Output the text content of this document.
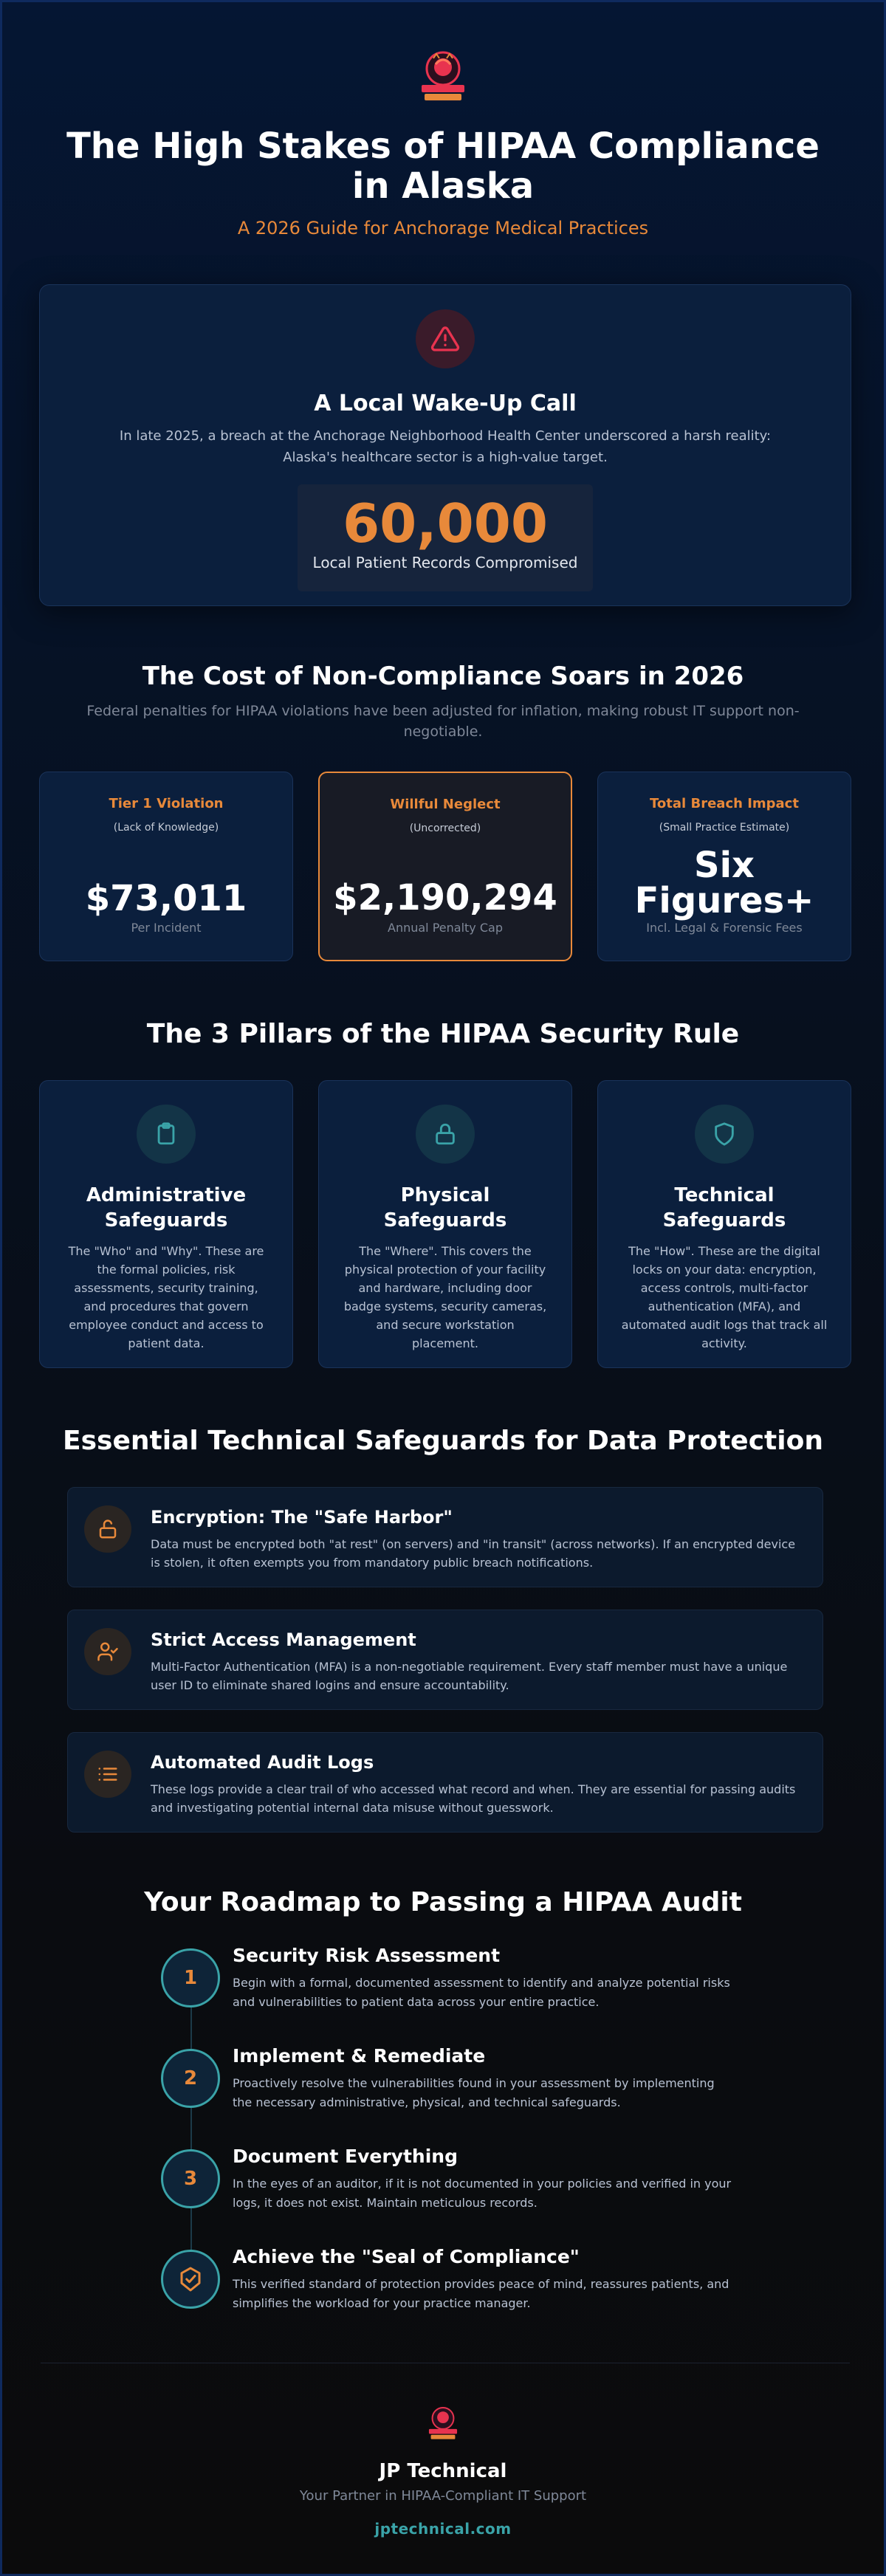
The High Stakes of HIPAA Compliance in Alaska
A 2026 Guide for Anchorage Medical Practices
A Local Wake-Up Call
In late 2025, a breach at the Anchorage Neighborhood Health Center underscored a harsh reality: Alaska's healthcare sector is a high-value target.
60,000
Local Patient Records Compromised
The Cost of Non-Compliance Soars in 2026
Federal penalties for HIPAA violations have been adjusted for inflation, making robust IT support non-negotiable.
Tier 1 Violation
(Lack of Knowledge)
$73,011
Per Incident
Willful Neglect
(Uncorrected)
$2,190,294
Annual Penalty Cap
Total Breach Impact
(Small Practice Estimate)
Six
Figures+
Incl. Legal & Forensic Fees
The 3 Pillars of the HIPAA Security Rule
Administrative Safeguards
The "Who" and "Why". These are the formal policies, risk assessments, security training, and procedures that govern employee conduct and access to patient data.
Physical Safeguards
The "Where". This covers the physical protection of your facility and hardware, including door badge systems, security cameras, and secure workstation placement.
Technical Safeguards
The "How". These are the digital locks on your data: encryption, access controls, multi-factor authentication (MFA), and automated audit logs that track all activity.
Essential Technical Safeguards for Data Protection
Encryption: The "Safe Harbor"
Data must be encrypted both "at rest" (on servers) and "in transit" (across networks). If an encrypted device is stolen, it often exempts you from mandatory public breach notifications.
Strict Access Management
Multi-Factor Authentication (MFA) is a non-negotiable requirement. Every staff member must have a unique user ID to eliminate shared logins and ensure accountability.
Automated Audit Logs
These logs provide a clear trail of who accessed what record and when. They are essential for passing audits and investigating potential internal data misuse without guesswork.
Your Roadmap to Passing a HIPAA Audit
1
Security Risk Assessment
Begin with a formal, documented assessment to identify and analyze potential risks and vulnerabilities to patient data across your entire practice.
2
Implement & Remediate
Proactively resolve the vulnerabilities found in your assessment by implementing the necessary administrative, physical, and technical safeguards.
3
Document Everything
In the eyes of an auditor, if it is not documented in your policies and verified in your logs, it does not exist. Maintain meticulous records.
Achieve the "Seal of Compliance"
This verified standard of protection provides peace of mind, reassures patients, and simplifies the workload for your practice manager.
JP Technical
Your Partner in HIPAA-Compliant IT Support
jptechnical.com
